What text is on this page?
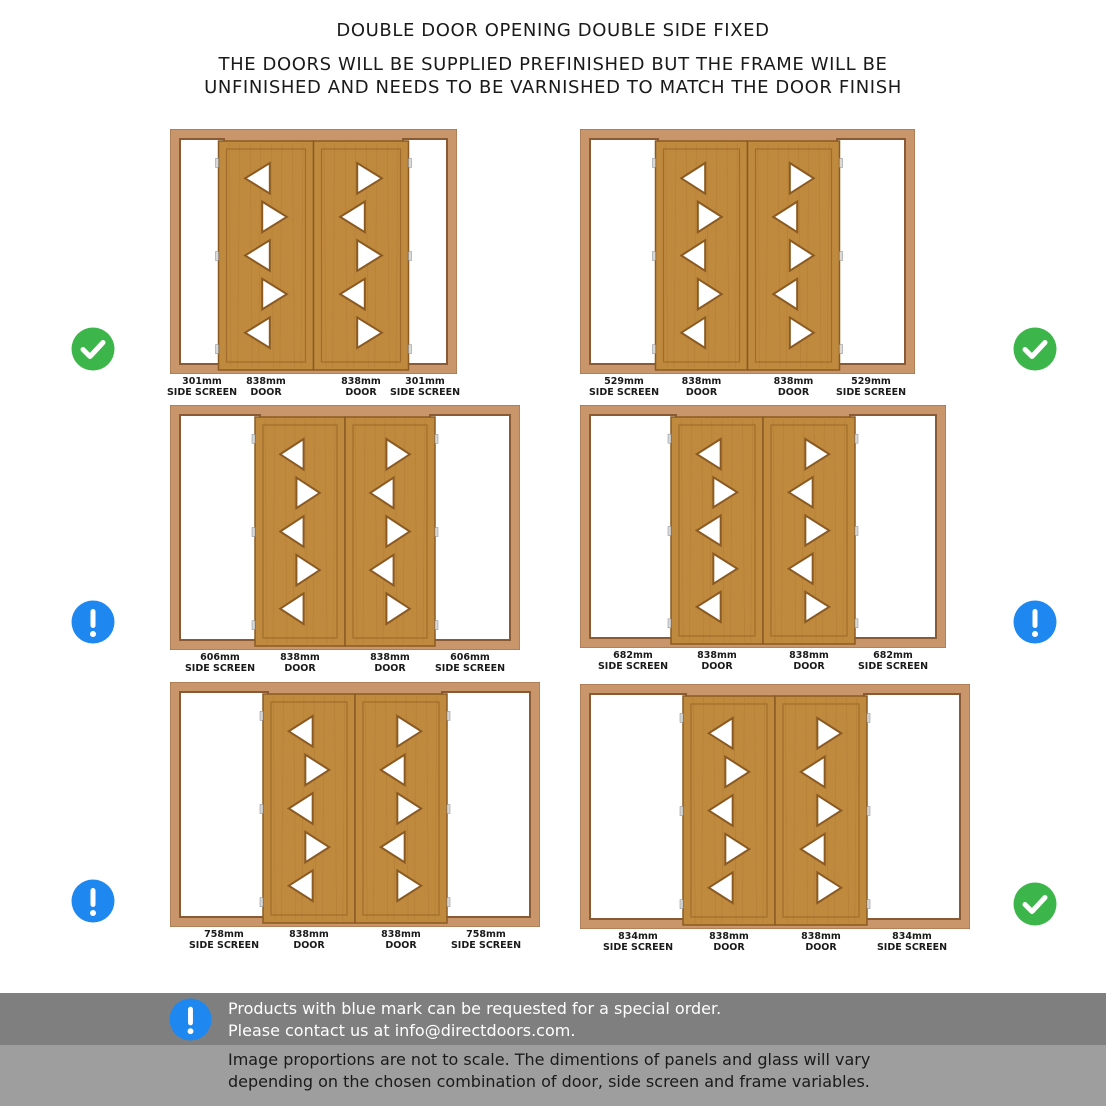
DOUBLE DOOR OPENING DOUBLE SIDE FIXED
THE DOORS WILL BE SUPPLIED PREFINISHED BUT THE FRAME WILL BE
UNFINISHED AND NEEDS TO BE VARNISHED TO MATCH THE DOOR FINISH
Products with blue mark can be requested for a special order.
Please contact us at info@directdoors.com.
Image proportions are not to scale. The dimentions of panels and glass will vary
depending on the chosen combination of door, side screen and frame variables.
301mm
SIDE SCREEN
838mm
DOOR
838mm
DOOR
301mm
SIDE SCREEN
529mm
SIDE SCREEN
838mm
DOOR
838mm
DOOR
529mm
SIDE SCREEN
606mm
SIDE SCREEN
838mm
DOOR
838mm
DOOR
606mm
SIDE SCREEN
682mm
SIDE SCREEN
838mm
DOOR
838mm
DOOR
682mm
SIDE SCREEN
758mm
SIDE SCREEN
838mm
DOOR
838mm
DOOR
758mm
SIDE SCREEN
834mm
SIDE SCREEN
838mm
DOOR
838mm
DOOR
834mm
SIDE SCREEN
